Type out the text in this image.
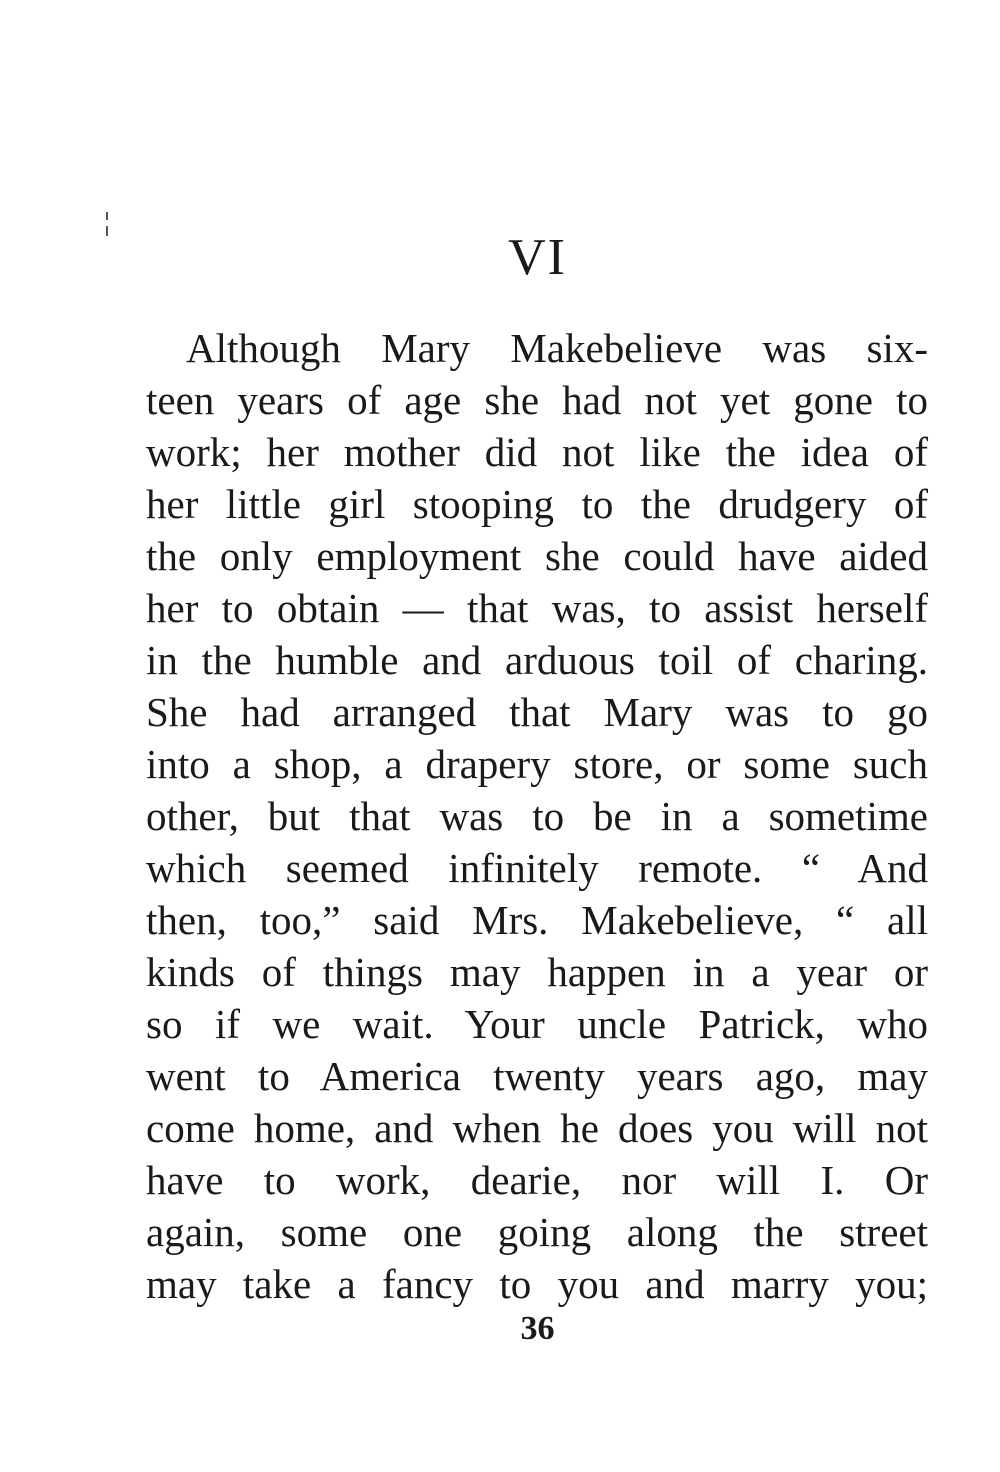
VI
Although Mary Makebelieve was six-
teen years of age she had not yet gone to
work; her mother did not like the idea of
her little girl stooping to the drudgery of
the only employment she could have aided
her to obtain — that was, to assist herself
in the humble and arduous toil of charing.
She had arranged that Mary was to go
into a shop, a drapery store, or some such
other, but that was to be in a sometime
which seemed infinitely remote. “ And
then, too,” said Mrs. Makebelieve, “ all
kinds of things may happen in a year or
so if we wait. Your uncle Patrick, who
went to America twenty years ago, may
come home, and when he does you will not
have to work, dearie, nor will I. Or
again, some one going along the street
may take a fancy to you and marry you;
36
